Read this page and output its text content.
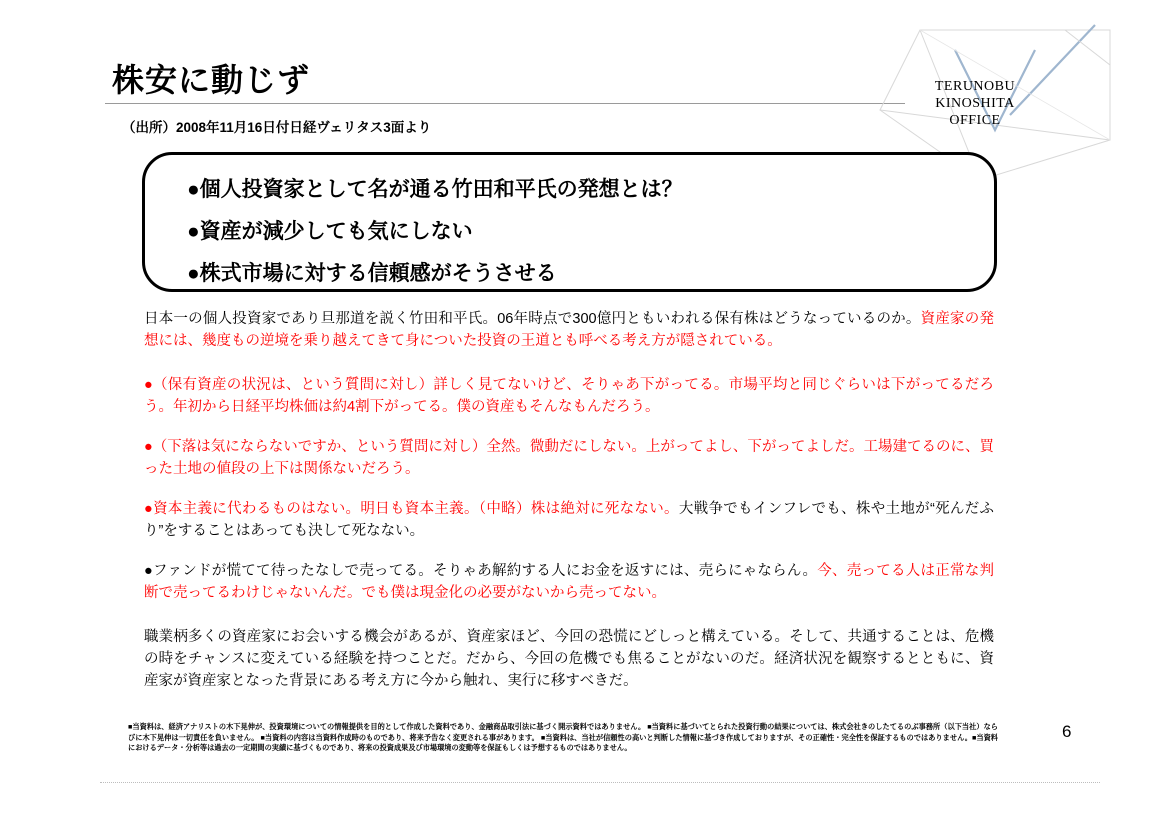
株安に動じず
（出所）2008年11月16日付日経ヴェリタス3面より
TERUNOBU
KINOSHITA
OFFICE
●個人投資家として名が通る竹田和平氏の発想とは？
●資産が減少しても気にしない
●株式市場に対する信頼感がそうさせる
日本一の個人投資家であり旦那道を説く竹田和平氏。06年時点で300億円ともいわれる保有株はどうなっているのか。資産家の発想には、幾度もの逆境を乗り越えてきて身についた投資の王道とも呼べる考え方が隠されている。
●（保有資産の状況は、という質問に対し）詳しく見てないけど、そりゃあ下がってる。市場平均と同じぐらいは下がってるだろう。年初から日経平均株価は約4割下がってる。僕の資産もそんなもんだろう。
●（下落は気にならないですか、という質問に対し）全然。微動だにしない。上がってよし、下がってよしだ。工場建てるのに、買った土地の値段の上下は関係ないだろう。
●資本主義に代わるものはない。明日も資本主義。（中略）株は絶対に死なない。大戦争でもインフレでも、株や土地が“死んだふり”をすることはあっても決して死なない。
●ファンドが慌てて待ったなしで売ってる。そりゃあ解約する人にお金を返すには、売らにゃならん。今、売ってる人は正常な判断で売ってるわけじゃないんだ。でも僕は現金化の必要がないから売ってない。
職業柄多くの資産家にお会いする機会があるが、資産家ほど、今回の恐慌にどしっと構えている。そして、共通することは、危機の時をチャンスに変えている経験を持つことだ。だから、今回の危機でも焦ることがないのだ。経済状況を観察するとともに、資産家が資産家となった背景にある考え方に今から触れ、実行に移すべきだ。
■当資料は、経済アナリストの木下晃伸が、投資環境についての情報提供を目的として作成した資料であり、金融商品取引法に基づく開示資料ではありません。 ■当資料に基づいてとられた投資行動の結果については、株式会社きのしたてるのぶ事務所（以下当社）ならびに木下晃伸は一切責任を負いません。 ■当資料の内容は当資料作成時のものであり、将来予告なく変更される事があります。 ■当資料は、当社が信頼性の高いと判断した情報に基づき作成しておりますが、その正確性・完全性を保証するものではありません。■当資料におけるデータ・分析等は過去の一定期間の実績に基づくものであり、将来の投資成果及び市場環境の変動等を保証もしくは予想するものではありません。
6
